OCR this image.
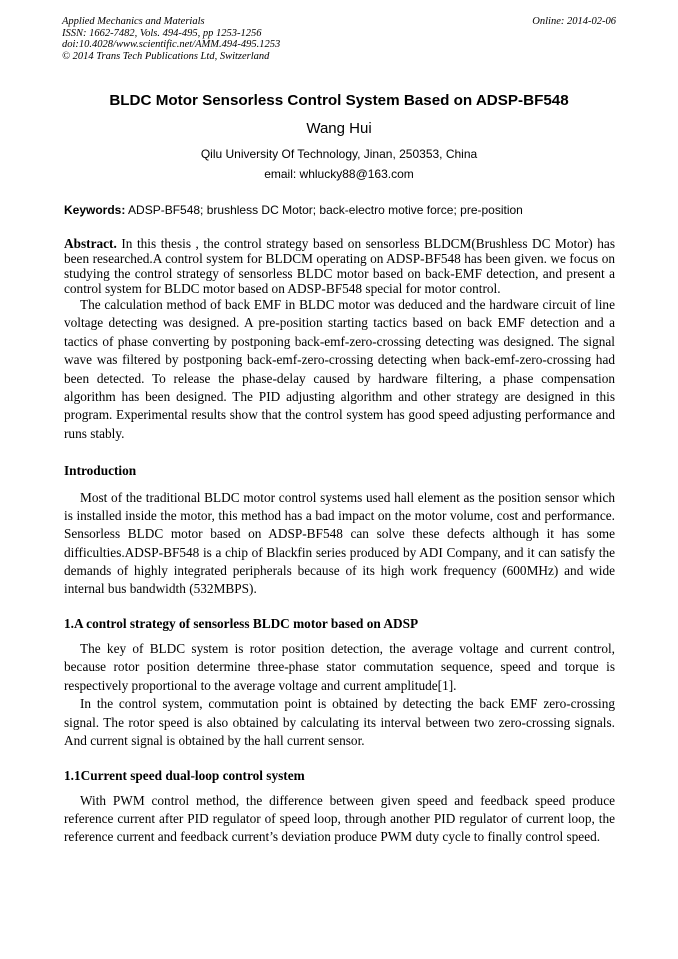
Applied Mechanics and Materials
ISSN: 1662-7482, Vols. 494-495, pp 1253-1256
doi:10.4028/www.scientific.net/AMM.494-495.1253
© 2014 Trans Tech Publications Ltd, Switzerland
Online: 2014-02-06
BLDC Motor Sensorless Control System Based on ADSP-BF548
Wang Hui
Qilu University Of Technology, Jinan, 250353, China
email: whlucky88@163.com
Keywords: ADSP-BF548; brushless DC Motor; back-electro motive force; pre-position

Abstract. In this thesis , the control strategy based on sensorless BLDCM(Brushless DC Motor) has been researched.A control system for BLDCM operating on ADSP-BF548 has been given. we focus on studying the control strategy of sensorless BLDC motor based on back-EMF detection, and present a control system for BLDC motor based on ADSP-BF548 special for motor control.

The calculation method of back EMF in BLDC motor was deduced and the hardware circuit of line voltage detecting was designed. A pre-position starting tactics based on back EMF detection and a tactics of phase converting by postponing back-emf-zero-crossing detecting was designed. The signal wave was filtered by postponing back-emf-zero-crossing detecting when back-emf-zero-crossing had been detected. To release the phase-delay caused by hardware filtering, a phase compensation algorithm has been designed. The PID adjusting algorithm and other strategy are designed in this program. Experimental results show that the control system has good speed adjusting performance and runs stably.

Introduction

Most of the traditional BLDC motor control systems used hall element as the position sensor which is installed inside the motor, this method has a bad impact on the motor volume, cost and performance. Sensorless BLDC motor based on ADSP-BF548 can solve these defects although it has some difficulties.ADSP-BF548 is a chip of Blackfin series produced by ADI Company, and it can satisfy the demands of highly integrated peripherals because of its high work frequency (600MHz) and wide internal bus bandwidth (532MBPS).

1.A control strategy of sensorless BLDC motor based on ADSP

The key of BLDC system is rotor position detection, the average voltage and current control, because rotor position determine three-phase stator commutation sequence, speed and torque is respectively proportional to the average voltage and current amplitude[1].

In the control system, commutation point is obtained by detecting the back EMF zero-crossing signal. The rotor speed is also obtained by calculating its interval between two zero-crossing signals. And current signal is obtained by the hall current sensor.

1.1Current speed dual-loop control system

With PWM control method, the difference between given speed and feedback speed produce reference current after PID regulator of speed loop, through another PID regulator of current loop, the reference current and feedback current’s deviation produce PWM duty cycle to finally control speed.
